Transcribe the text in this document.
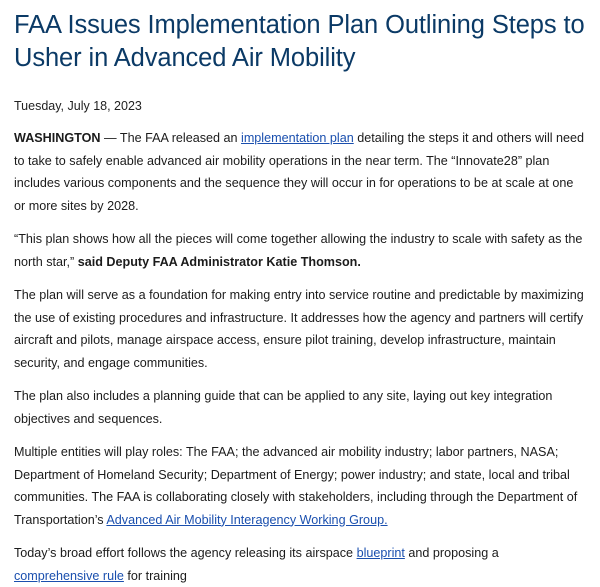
FAA Issues Implementation Plan Outlining Steps to Usher in Advanced Air Mobility
Tuesday, July 18, 2023

WASHINGTON — The FAA released an implementation plan detailing the steps it and others will need to take to safely enable advanced air mobility operations in the near term. The “Innovate28” plan includes various components and the sequence they will occur in for operations to be at scale at one or more sites by 2028.

“This plan shows how all the pieces will come together allowing the industry to scale with safety as the north star,” said Deputy FAA Administrator Katie Thomson.

The plan will serve as a foundation for making entry into service routine and predictable by maximizing the use of existing procedures and infrastructure. It addresses how the agency and partners will certify aircraft and pilots, manage airspace access, ensure pilot training, develop infrastructure, maintain security, and engage communities.

The plan also includes a planning guide that can be applied to any site, laying out key integration objectives and sequences.

Multiple entities will play roles: The FAA; the advanced air mobility industry; labor partners, NASA; Department of Homeland Security; Department of Energy; power industry; and state, local and tribal communities. The FAA is collaborating closely with stakeholders, including through the Department of Transportation’s Advanced Air Mobility Interagency Working Group.

Today’s broad effort follows the agency releasing its airspace blueprint and proposing a comprehensive rule for training
